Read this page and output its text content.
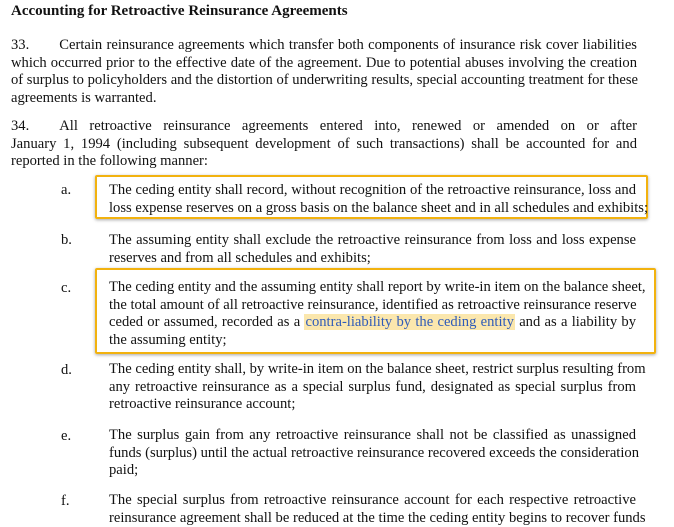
Accounting for Retroactive Reinsurance Agreements
33. Certain reinsurance agreements which transfer both components of insurance risk cover liabilities
which occurred prior to the effective date of the agreement. Due to potential abuses involving the creation
of surplus to policyholders and the distortion of underwriting results, special accounting treatment for these
agreements is warranted.
34. All retroactive reinsurance agreements entered into, renewed or amended on or after
January 1, 1994 (including subsequent development of such transactions) shall be accounted for and
reported in the following manner:
a.	The ceding entity shall record, without recognition of the retroactive reinsurance, loss and
loss expense reserves on a gross basis on the balance sheet and in all schedules and exhibits;
b.	The assuming entity shall exclude the retroactive reinsurance from loss and loss expense
reserves and from all schedules and exhibits;
c.	The ceding entity and the assuming entity shall report by write-in item on the balance sheet,
the total amount of all retroactive reinsurance, identified as retroactive reinsurance reserve
ceded or assumed, recorded as a contra-liability by the ceding entity and as a liability by
the assuming entity;
d.	The ceding entity shall, by write-in item on the balance sheet, restrict surplus resulting from
any retroactive reinsurance as a special surplus fund, designated as special surplus from
retroactive reinsurance account;
e.	The surplus gain from any retroactive reinsurance shall not be classified as unassigned
funds (surplus) until the actual retroactive reinsurance recovered exceeds the consideration
paid;
f.	The special surplus from retroactive reinsurance account for each respective retroactive
reinsurance agreement shall be reduced at the time the ceding entity begins to recover funds
